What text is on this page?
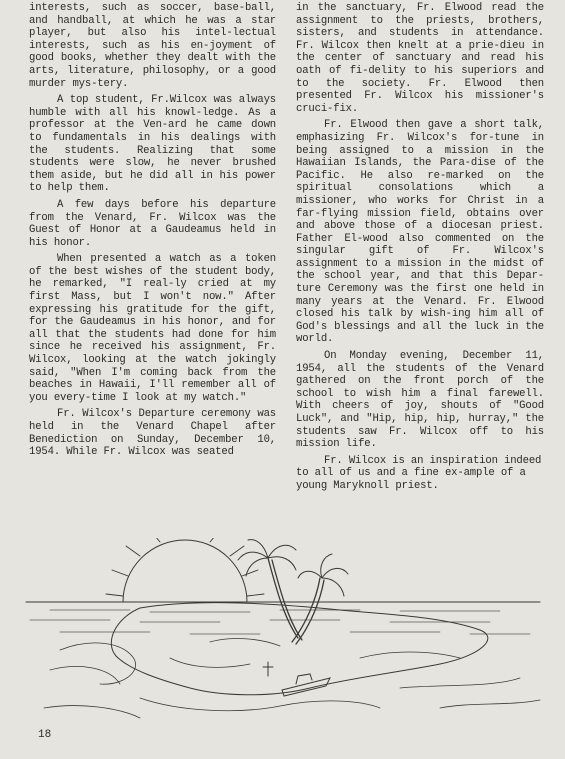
interests, such as soccer, base-ball, and handball, at which he was a star player, but also his intel-lectual interests, such as his en-joyment of good books, whether they dealt with the arts, literature, philosophy, or a good murder mys-tery.

A top student, Fr.Wilcox was always humble with all his knowl-ledge. As a professor at the Ven-ard he came down to fundamentals in his dealings with the students. Realizing that some students were slow, he never brushed them aside, but he did all in his power to help them.

A few days before his departure from the Venard, Fr. Wilcox was the Guest of Honor at a Gaudeamus held in his honor.

When presented a watch as a token of the best wishes of the student body, he remarked, "I real-ly cried at my first Mass, but I won't now." After expressing his gratitude for the gift, for the Gaudeamus in his honor, and for all that the students had done for him since he received his assignment, Fr. Wilcox, looking at the watch jokingly said, "When I'm coming back from the beaches in Hawaii, I'll remember all of you every-time I look at my watch."

Fr. Wilcox's Departure ceremony was held in the Venard Chapel after Benediction on Sunday, December 10, 1954. While Fr. Wilcox was seated

in the sanctuary, Fr. Elwood read the assignment to the priests, brothers, sisters, and students in attendance. Fr. Wilcox then knelt at a prie-dieu in the center of sanctuary and read his oath of fi-delity to his superiors and to the society. Fr. Elwood then presented Fr. Wilcox his missioner's cruci-fix.

Fr. Elwood then gave a short talk, emphasizing Fr. Wilcox's for-tune in being assigned to a mission in the Hawaiian Islands, the Para-dise of the Pacific. He also re-marked on the spiritual consolations which a missioner, who works for Christ in a far-flying mission field, obtains over and above those of a diocesan priest. Father El-wood also commented on the singular gift of Fr. Wilcox's assignment to a mission in the midst of the school year, and that this Depar-ture Ceremony was the first one held in many years at the Venard. Fr. Elwood closed his talk by wish-ing him all of God's blessings and all the luck in the world.

On Monday evening, December 11, 1954, all the students of the Venard gathered on the front porch of the school to wish him a final farewell. With cheers of joy, shouts of "Good Luck", and "Hip, hip, hip, hurray," the students saw Fr. Wilcox off to his mission life.

Fr. Wilcox is an inspiration indeed to all of us and a fine ex-ample of a young Maryknoll priest.

18
